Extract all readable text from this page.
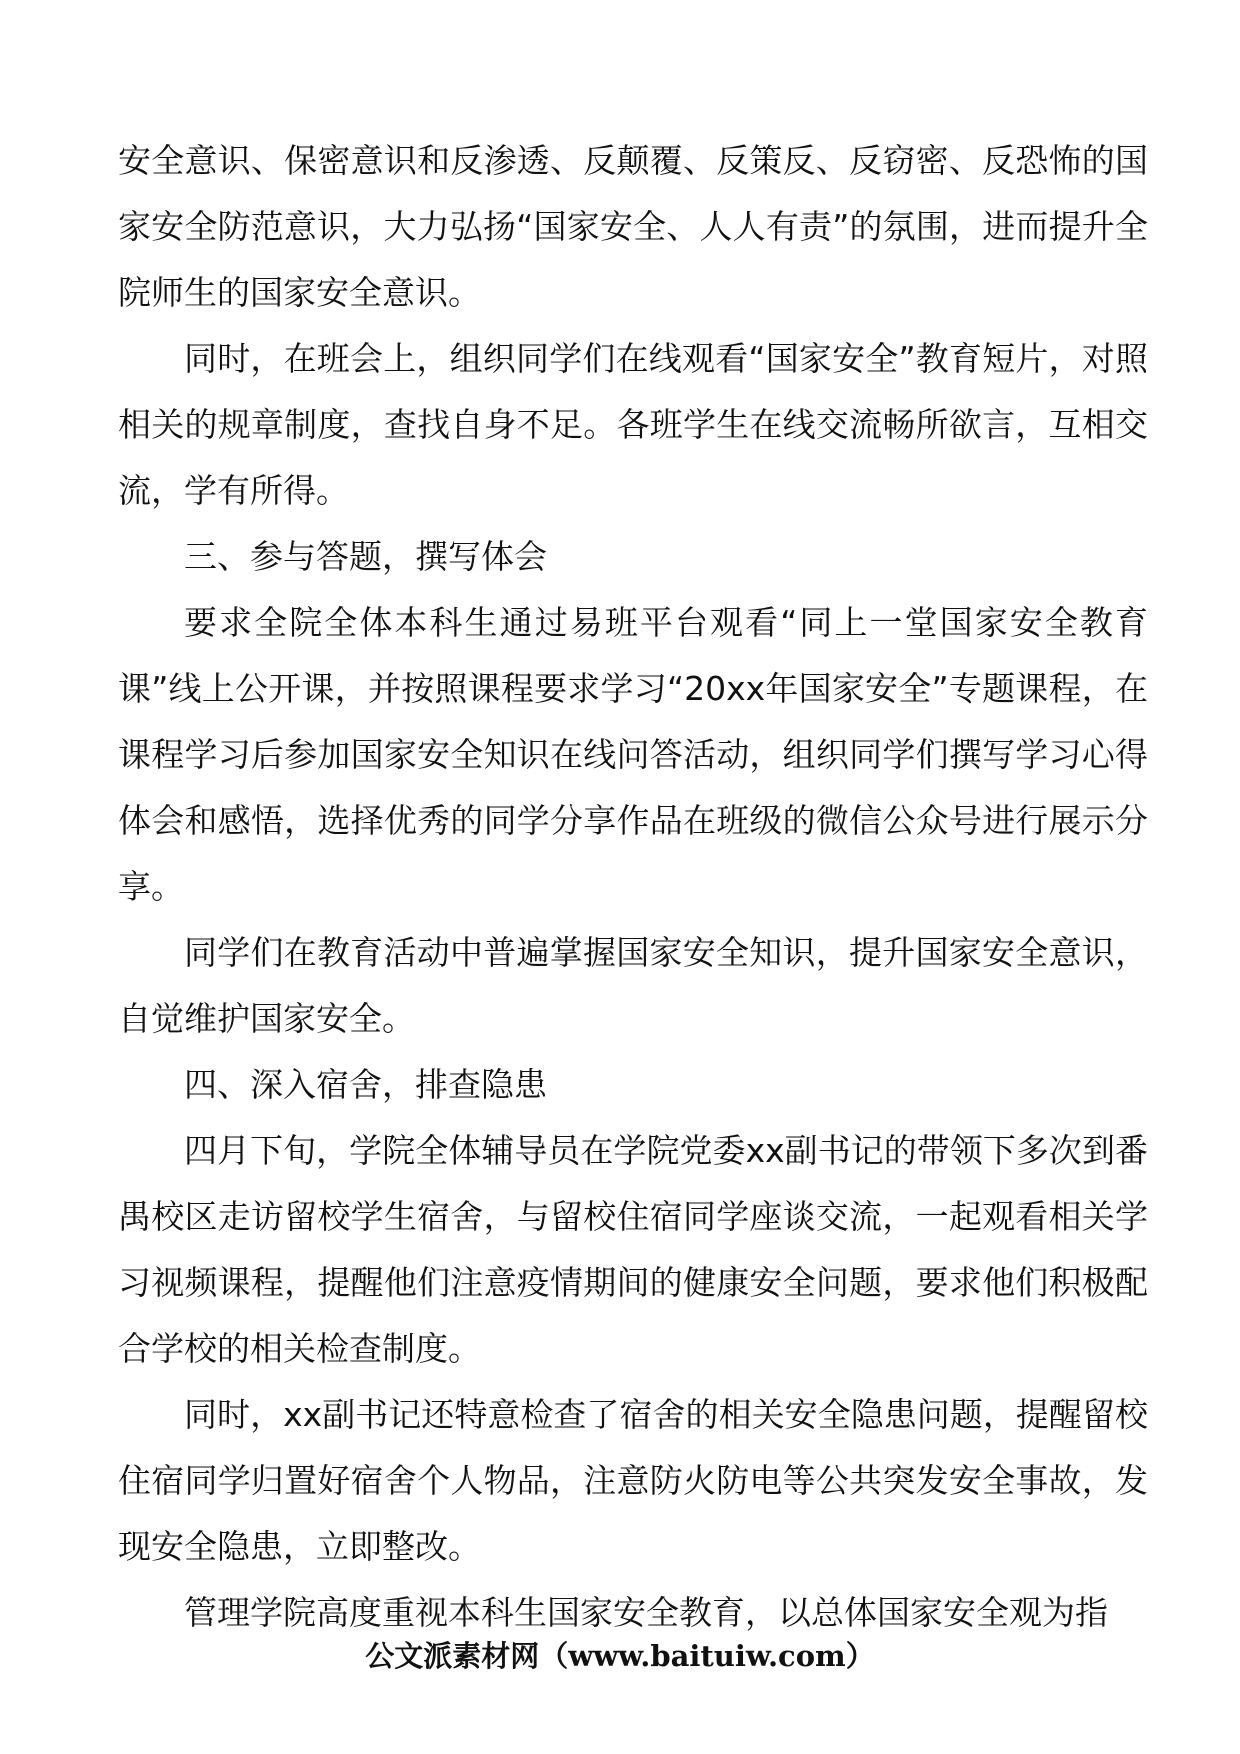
安全意识、保密意识和反渗透、反颠覆、反策反、反窃密、反恐怖的国家安全防范意识，大力弘扬“国家安全、人人有责”的氛围，进而提升全院师生的国家安全意识。

同时，在班会上，组织同学们在线观看“国家安全”教育短片，对照相关的规章制度，查找自身不足。各班学生在线交流畅所欲言，互相交流，学有所得。

三、参与答题，撰写体会

要求全院全体本科生通过易班平台观看“同上一堂国家安全教育课”线上公开课，并按照课程要求学习“20xx年国家安全”专题课程，在课程学习后参加国家安全知识在线问答活动，组织同学们撰写学习心得体会和感悟，选择优秀的同学分享作品在班级的微信公众号进行展示分享。

同学们在教育活动中普遍掌握国家安全知识，提升国家安全意识，自觉维护国家安全。

四、深入宿舍，排查隐患

四月下旬，学院全体辅导员在学院党委xx副书记的带领下多次到番禺校区走访留校学生宿舍，与留校住宿同学座谈交流，一起观看相关学习视频课程，提醒他们注意疫情期间的健康安全问题，要求他们积极配合学校的相关检查制度。

同时，xx副书记还特意检查了宿舍的相关安全隐患问题，提醒留校住宿同学归置好宿舍个人物品，注意防火防电等公共突发安全事故，发现安全隐患，立即整改。

管理学院高度重视本科生国家安全教育，以总体国家安全观为指

公文派素材网（www.baituiw.com）
